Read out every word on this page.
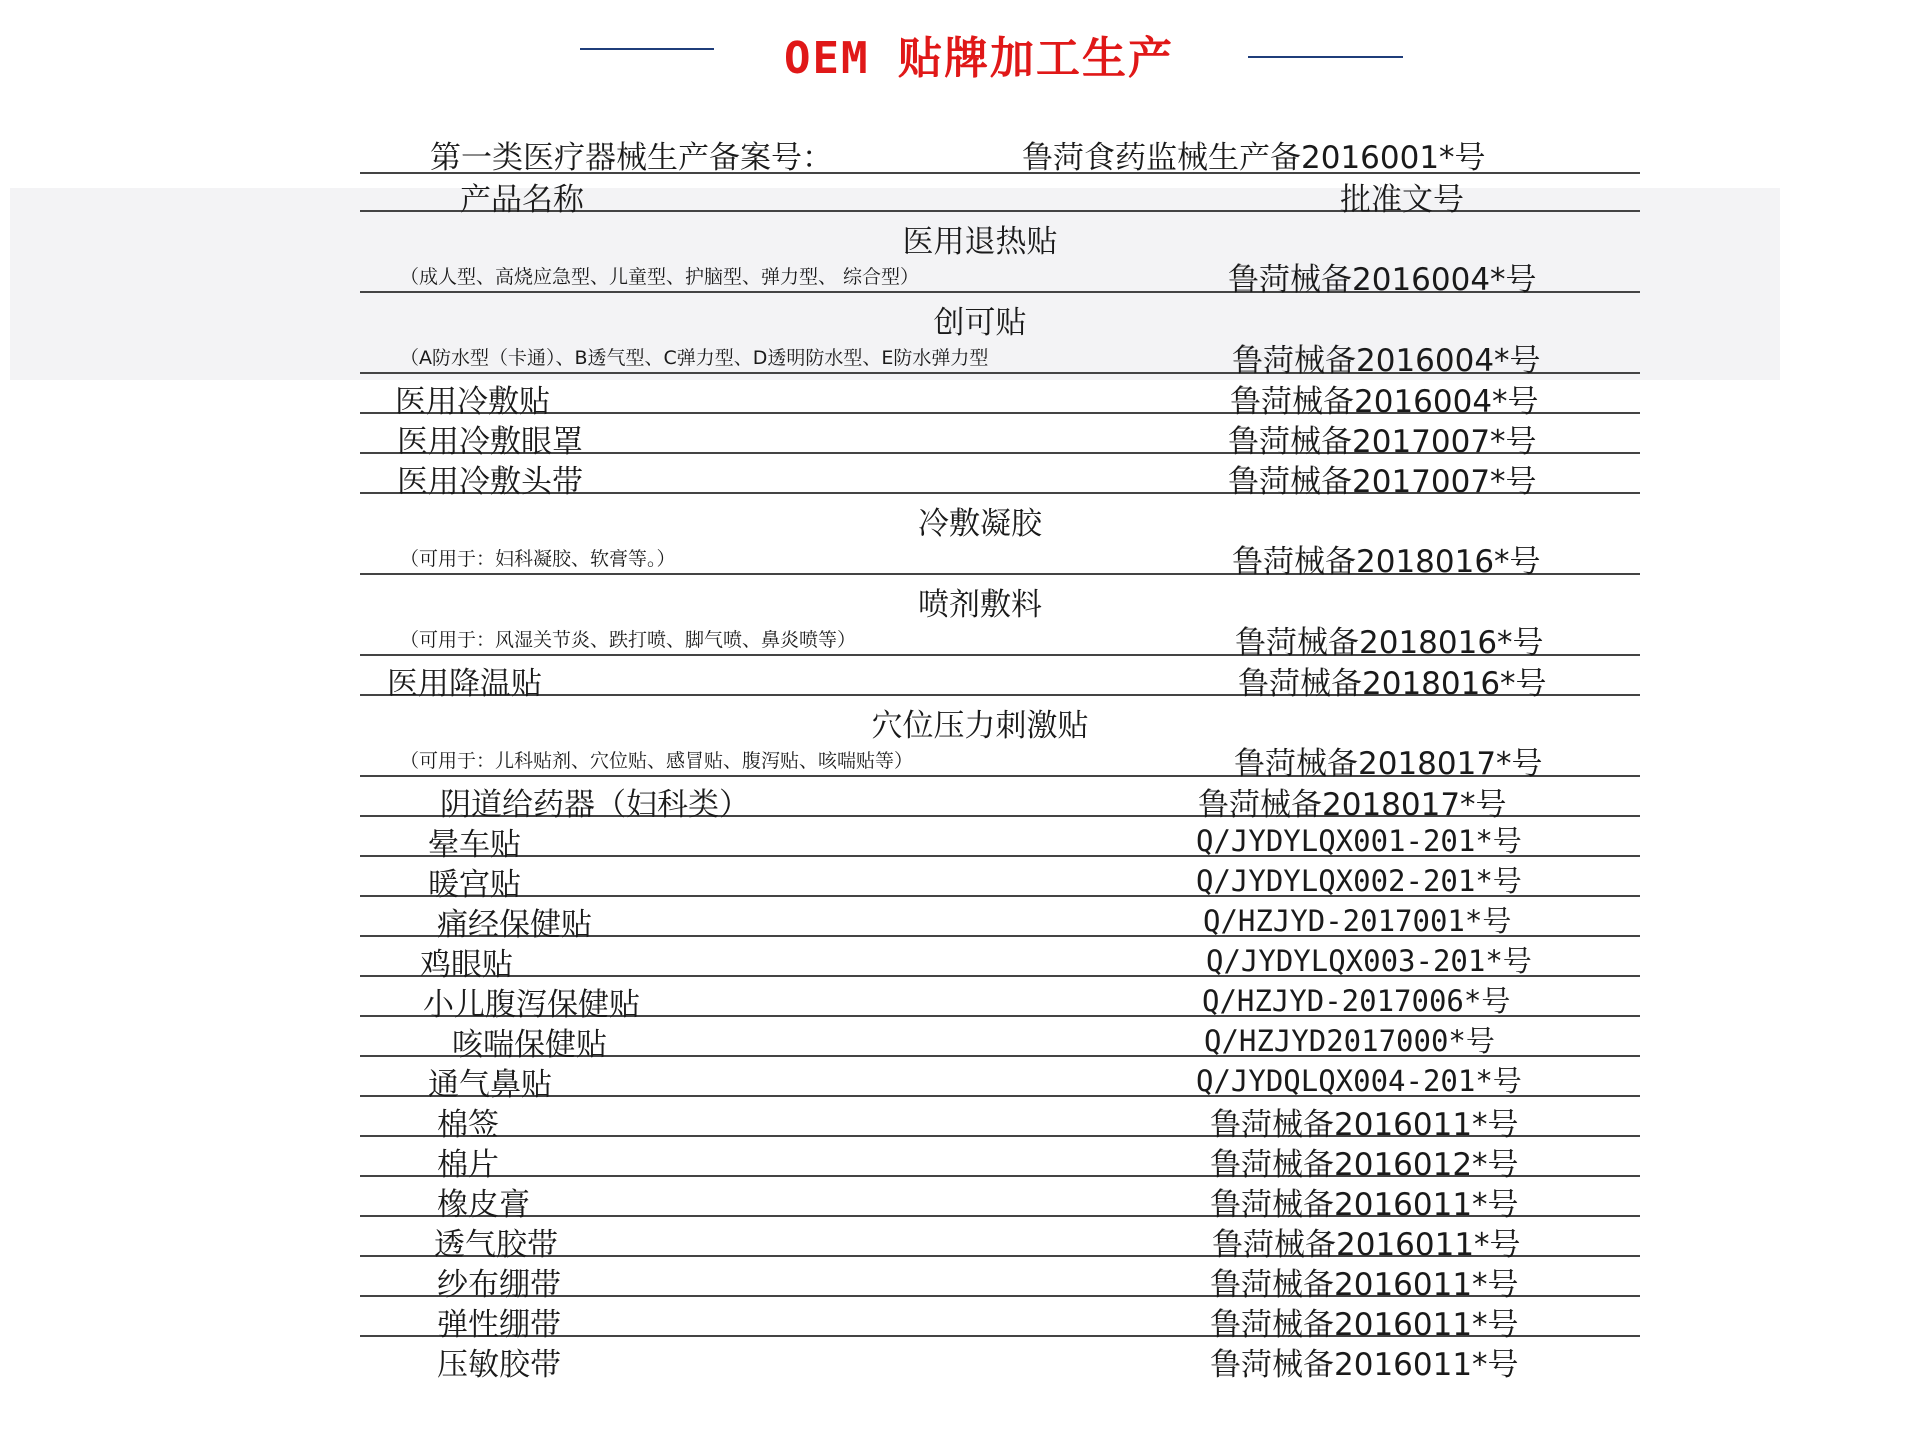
OEM 贴牌加工生产
第一类医疗器械生产备案号：	鲁菏食药监械生产备2016001*号
产品名称	批准文号
医用退热贴
（成人型、高烧应急型、儿童型、护脑型、弹力型、 综合型）	鲁菏械备2016004*号
创可贴
（A防水型（卡通）、B透气型、C弹力型、D透明防水型、E防水弹力型	鲁菏械备2016004*号
医用冷敷贴	鲁菏械备2016004*号
医用冷敷眼罩	鲁菏械备2017007*号
医用冷敷头带	鲁菏械备2017007*号
冷敷凝胶
（可用于：妇科凝胶、软膏等。）	鲁菏械备2018016*号
喷剂敷料
（可用于：风湿关节炎、跌打喷、脚气喷、鼻炎喷等）	鲁菏械备2018016*号
医用降温贴	鲁菏械备2018016*号
穴位压力刺激贴
（可用于：儿科贴剂、穴位贴、感冒贴、腹泻贴、咳喘贴等）	鲁菏械备2018017*号
阴道给药器（妇科类）	鲁菏械备2018017*号
晕车贴	Q/JYDYLQX001-201*号
暖宫贴	Q/JYDYLQX002-201*号
痛经保健贴	Q/HZJYD-2017001*号
鸡眼贴	Q/JYDYLQX003-201*号
小儿腹泻保健贴	Q/HZJYD-2017006*号
咳喘保健贴	Q/HZJYD2017000*号
通气鼻贴	Q/JYDQLQX004-201*号
棉签	鲁菏械备2016011*号
棉片	鲁菏械备2016012*号
橡皮膏	鲁菏械备2016011*号
透气胶带	鲁菏械备2016011*号
纱布绷带	鲁菏械备2016011*号
弹性绷带	鲁菏械备2016011*号
压敏胶带	鲁菏械备2016011*号
